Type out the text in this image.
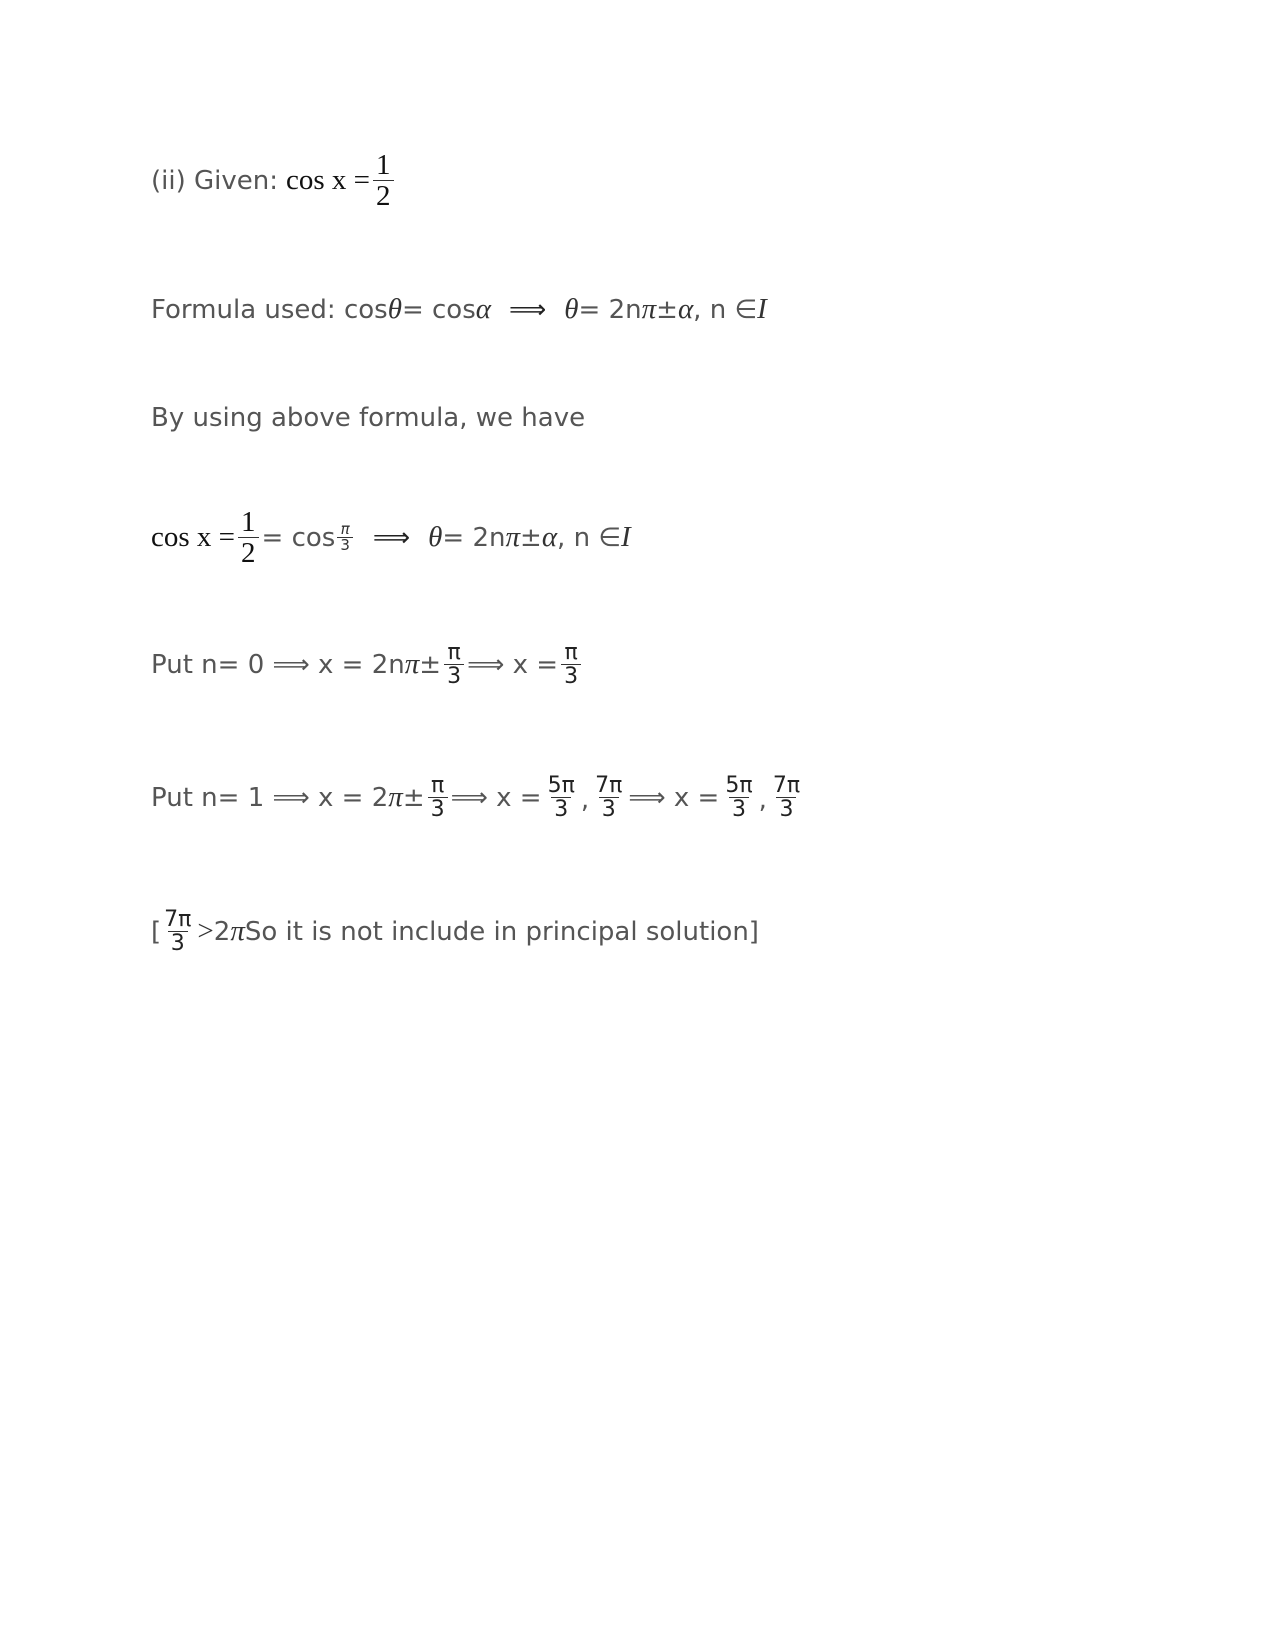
(ii) Given: $\cos x = \frac{1}{2}$
Formula used: cos θ = cos α ⟹ θ = 2n π ± α , n ∈ I
By using above formula, we have
$\cos x = \frac{1}{2} = \cos \frac{\pi}{3}$ ⟹ θ = 2n π ± α , n ∈ I
Put n= 0 ⟹ x = 2n $\pi \pm \frac{\pi}{3}$ ⟹ $x = \frac{\pi}{3}$
Put n= 1 ⟹ x = 2 $\pi \pm \frac{\pi}{3}$ ⟹ $x = \frac{5\pi}{3}$ , $\frac{7\pi}{3}$ ⟹ $x = \frac{5\pi}{3}$ , $\frac{7\pi}{3}$
[ $\frac{7\pi}{3} > 2$ π So it is not include in principal solution]
